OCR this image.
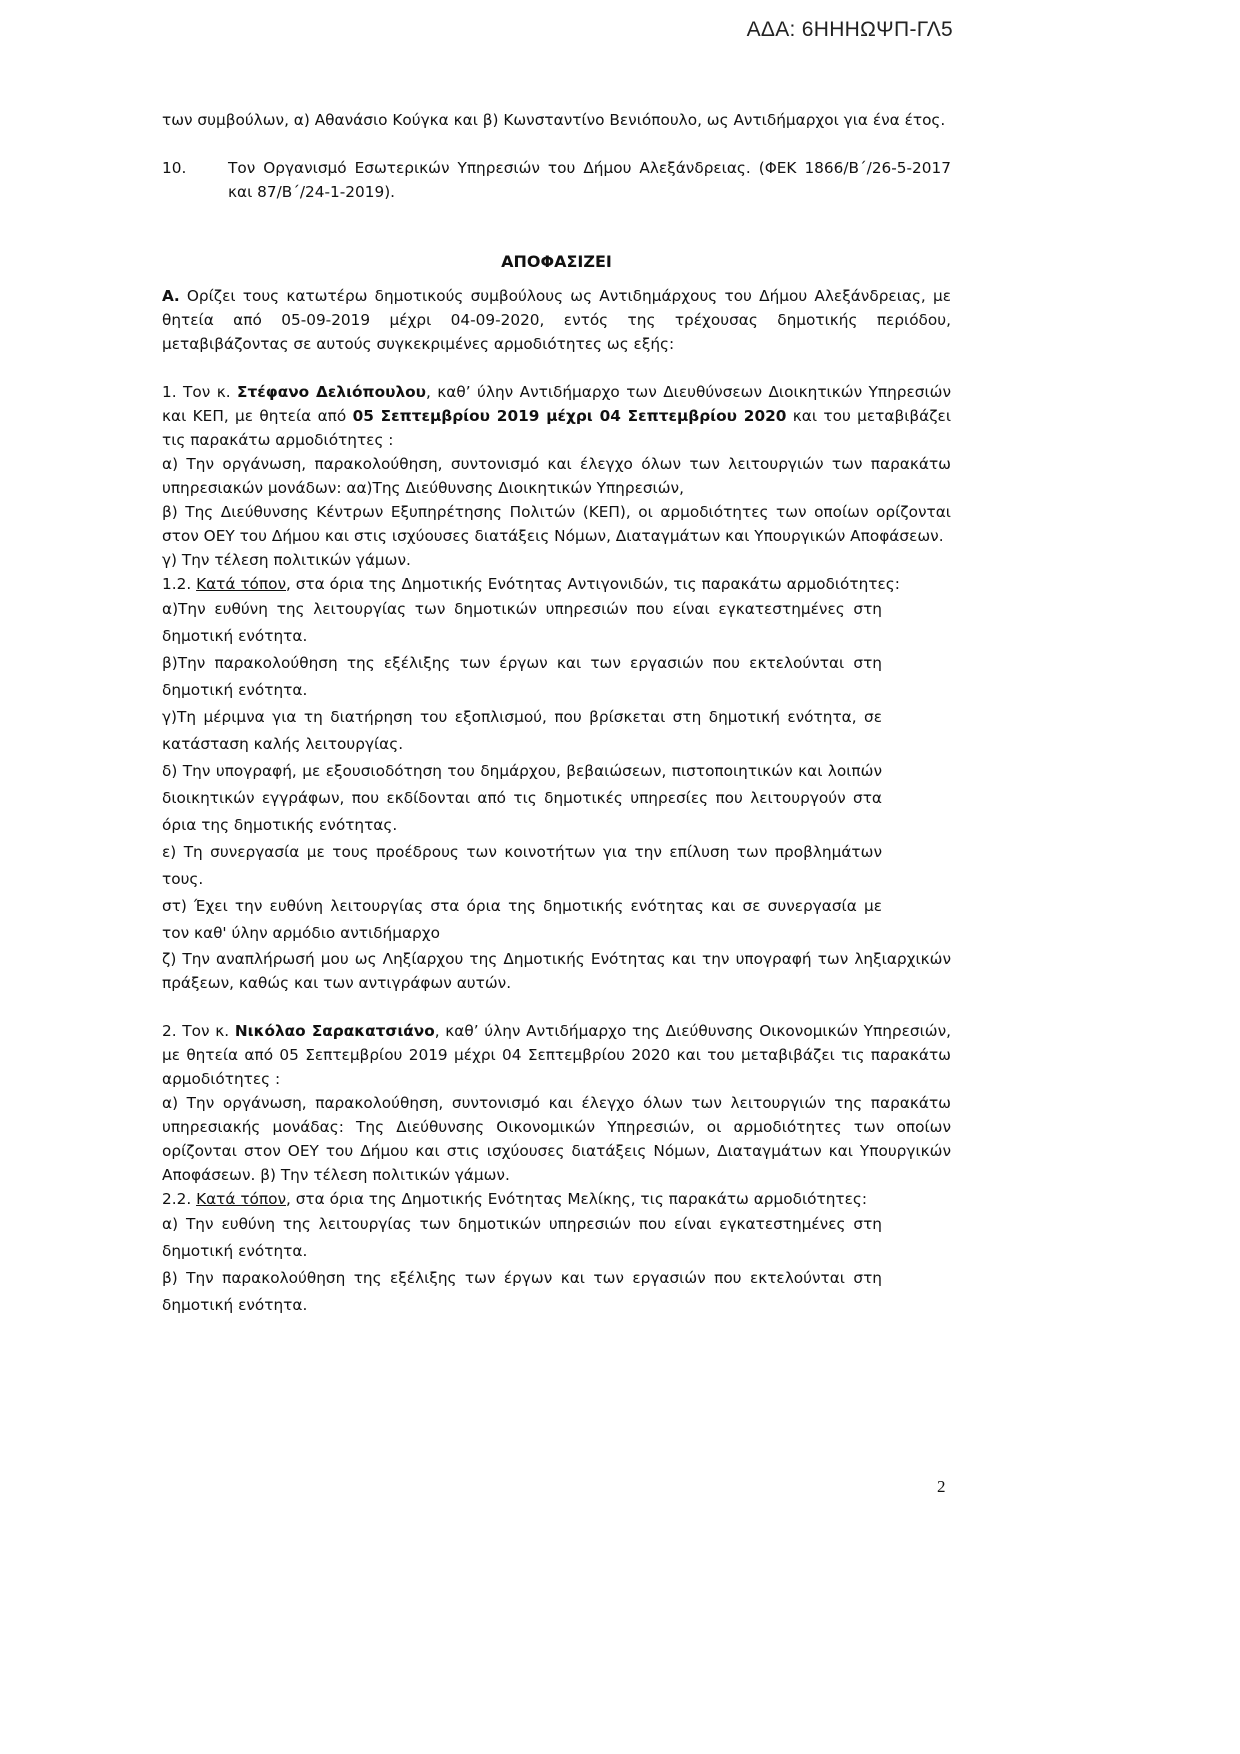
ΑΔΑ: 6ΗΗΗΩΨΠ-ΓΛ5

των συμβούλων, α) Αθανάσιο Κούγκα και β) Κωνσταντίνο Βενιόπουλο, ως Αντιδήμαρχοι για ένα έτος.

10.	Τον Οργανισμό Εσωτερικών Υπηρεσιών του Δήμου Αλεξάνδρειας. (ΦΕΚ 1866/Β΄/26-5-2017 και 87/Β΄/24-1-2019).

ΑΠΟΦΑΣΙΖΕΙ

Α. Ορίζει τους κατωτέρω δημοτικούς συμβούλους ως Αντιδημάρχους του Δήμου Αλεξάνδρειας, με θητεία από 05-09-2019 μέχρι 04-09-2020, εντός της τρέχουσας δημοτικής περιόδου, μεταβιβάζοντας σε αυτούς συγκεκριμένες αρμοδιότητες ως εξής:

1. Τον κ. Στέφανο Δελιόπουλου, καθ’ ύλην Αντιδήμαρχο των Διευθύνσεων Διοικητικών Υπηρεσιών και ΚΕΠ, με θητεία από 05 Σεπτεμβρίου 2019 μέχρι 04 Σεπτεμβρίου 2020 και του μεταβιβάζει τις παρακάτω αρμοδιότητες :

α) Την οργάνωση, παρακολούθηση, συντονισμό και έλεγχο όλων των λειτουργιών των παρακάτω υπηρεσιακών μονάδων: αα)Της Διεύθυνσης Διοικητικών Υπηρεσιών,

β) Της Διεύθυνσης Κέντρων Εξυπηρέτησης Πολιτών (ΚΕΠ), οι αρμοδιότητες των οποίων ορίζονται στον ΟΕΥ του Δήμου και στις ισχύουσες διατάξεις Νόμων, Διαταγμάτων και Υπουργικών Αποφάσεων.

γ) Την τέλεση πολιτικών γάμων.

1.2. Κατά τόπον, στα όρια της Δημοτικής Ενότητας Αντιγονιδών, τις παρακάτω αρμοδιότητες:

α)Την ευθύνη της λειτουργίας των δημοτικών υπηρεσιών που είναι εγκατεστημένες στη δημοτική ενότητα.

β)Την παρακολούθηση της εξέλιξης των έργων και των εργασιών που εκτελούνται στη δημοτική ενότητα.

γ)Τη μέριμνα για τη διατήρηση του εξοπλισμού, που βρίσκεται στη δημοτική ενότητα, σε κατάσταση καλής λειτουργίας.

δ) Την υπογραφή, με εξουσιοδότηση του δημάρχου, βεβαιώσεων, πιστοποιητικών και λοιπών διοικητικών εγγράφων, που εκδίδονται από τις δημοτικές υπηρεσίες που λειτουργούν στα όρια της δημοτικής ενότητας.

ε) Τη συνεργασία με τους προέδρους των κοινοτήτων για την επίλυση των προβλημάτων τους.

στ) Έχει την ευθύνη λειτουργίας στα όρια της δημοτικής ενότητας και σε συνεργασία με τον καθ' ύλην αρμόδιο αντιδήμαρχο

ζ) Την αναπλήρωσή μου ως Ληξίαρχου της Δημοτικής Ενότητας και την υπογραφή των ληξιαρχικών πράξεων, καθώς και των αντιγράφων αυτών.

2. Τον κ. Νικόλαο Σαρακατσιάνο, καθ’ ύλην Αντιδήμαρχο της Διεύθυνσης Οικονομικών Υπηρεσιών, με θητεία από 05 Σεπτεμβρίου 2019 μέχρι 04 Σεπτεμβρίου 2020 και του μεταβιβάζει τις παρακάτω αρμοδιότητες :

α) Την οργάνωση, παρακολούθηση, συντονισμό και έλεγχο όλων των λειτουργιών της παρακάτω υπηρεσιακής μονάδας: Της Διεύθυνσης Οικονομικών Υπηρεσιών, οι αρμοδιότητες των οποίων ορίζονται στον ΟΕΥ του Δήμου και στις ισχύουσες διατάξεις Νόμων, Διαταγμάτων και Υπουργικών Αποφάσεων. β) Την τέλεση πολιτικών γάμων.

2.2. Κατά τόπον, στα όρια της Δημοτικής Ενότητας Μελίκης, τις παρακάτω αρμοδιότητες:

α) Την ευθύνη της λειτουργίας των δημοτικών υπηρεσιών που είναι εγκατεστημένες στη δημοτική ενότητα.

β) Την παρακολούθηση της εξέλιξης των έργων και των εργασιών που εκτελούνται στη δημοτική ενότητα.

2
